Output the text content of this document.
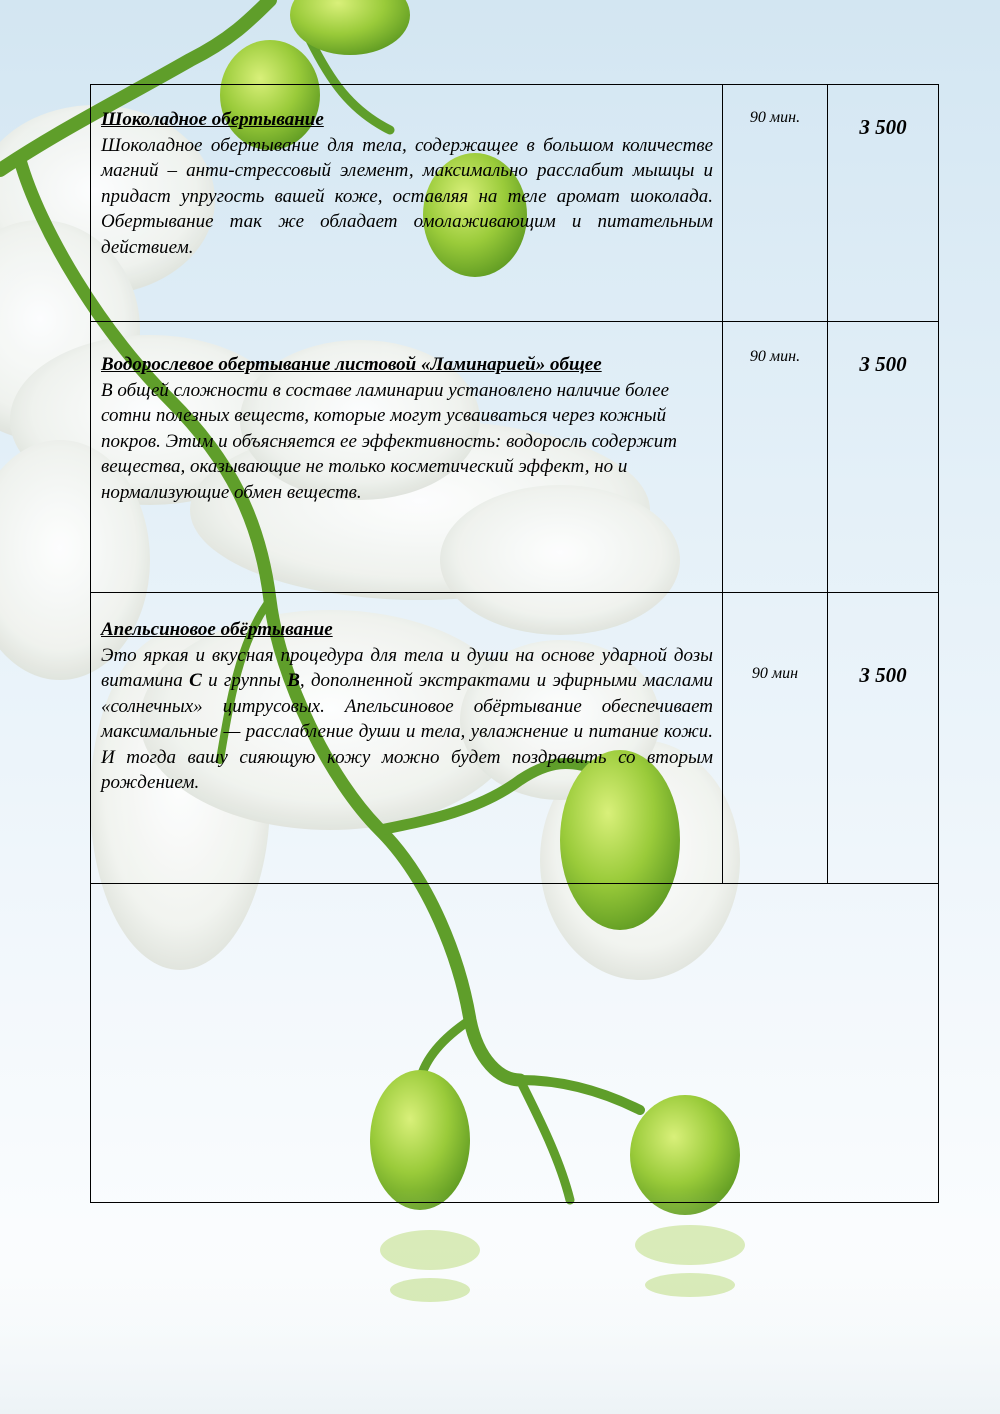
Шоколадное обертывание
Шоколадное обертывание для тела, содержащее в большом количестве магний – анти-стрессовый элемент, максимально расслабит мышцы и придаст упругость вашей коже, оставляя на теле аромат шоколада. Обертывание так же обладает омолаживающим и питательным действием.	90 мин.	3 500

Водорослевое обертывание листовой «Ламинарией» общее
В общей сложности в составе ламинарии установлено наличие более сотни полезных веществ, которые могут усваиваться через кожный покров. Этим и объясняется ее эффективность: водоросль содержит вещества, оказывающие не только косметический эффект, но и нормализующие обмен веществ.	90 мин.	3 500

Апельсиновое обёртывание
Это яркая и вкусная процедура для тела и души на основе ударной дозы витамина С и группы В, дополненной экстрактами и эфирными маслами «солнечных» цитрусовых. Апельсиновое обёртывание обеспечивает максимальные — расслабление души и тела, увлажнение и питание кожи. И тогда вашу сияющую кожу можно будет поздравить со вторым рождением.	90 мин	3 500
